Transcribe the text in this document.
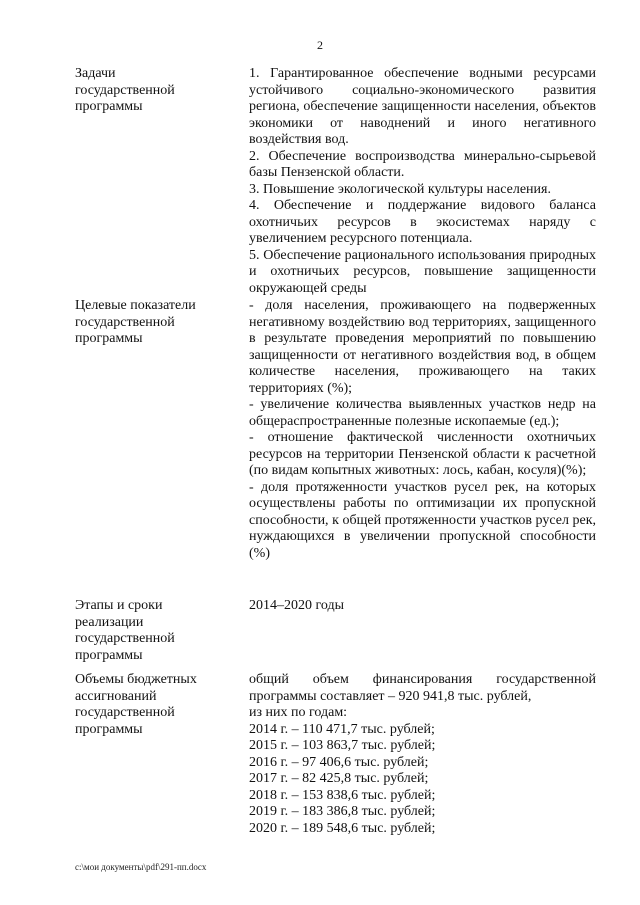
2
Задачи
государственной
программы

1. Гарантированное обеспечение водными ресурсами устойчивого социально-экономического развития региона, обеспечение защищенности населения, объектов экономики от наводнений и иного негативного воздействия вод.

2. Обеспечение воспроизводства минерально-сырьевой базы Пензенской области.

3. Повышение экологической культуры населения.

4. Обеспечение и поддержание видового баланса охотничьих ресурсов в экосистемах наряду с увеличением ресурсного потенциала.

5. Обеспечение рационального использования природных и охотничьих ресурсов, повышение защищенности окружающей среды

Целевые показатели
государственной
программы

- доля населения, проживающего на подверженных негативному воздействию вод территориях, защищенного в результате проведения мероприятий по повышению защищенности от негативного воздействия вод, в общем количестве населения, проживающего на таких территориях (%);

- увеличение количества выявленных участков недр на общераспространенные полезные ископаемые (ед.);

- отношение фактической численности охотничьих ресурсов на территории Пензенской области к расчетной (по видам копытных животных: лось, кабан, косуля)(%);

- доля протяженности участков русел рек, на которых осуществлены работы по оптимизации их пропускной способности, к общей протяженности участков русел рек, нуждающихся в увеличении пропускной способности (%)

Этапы и сроки
реализации
государственной
программы

2014–2020 годы

Объемы бюджетных
ассигнований
государственной
программы

общий объем финансирования государственной программы составляет – 920 941,8 тыс. рублей,

из них по годам:

2014 г. – 110 471,7 тыс. рублей;
2015 г. – 103 863,7 тыс. рублей;
2016 г. – 97 406,6 тыс. рублей;
2017 г. – 82 425,8 тыс. рублей;
2018 г. – 153 838,6 тыс. рублей;
2019 г. – 183 386,8 тыс. рублей;
2020 г. – 189 548,6 тыс. рублей;
c:\мои документы\pdf\291-пп.docx
